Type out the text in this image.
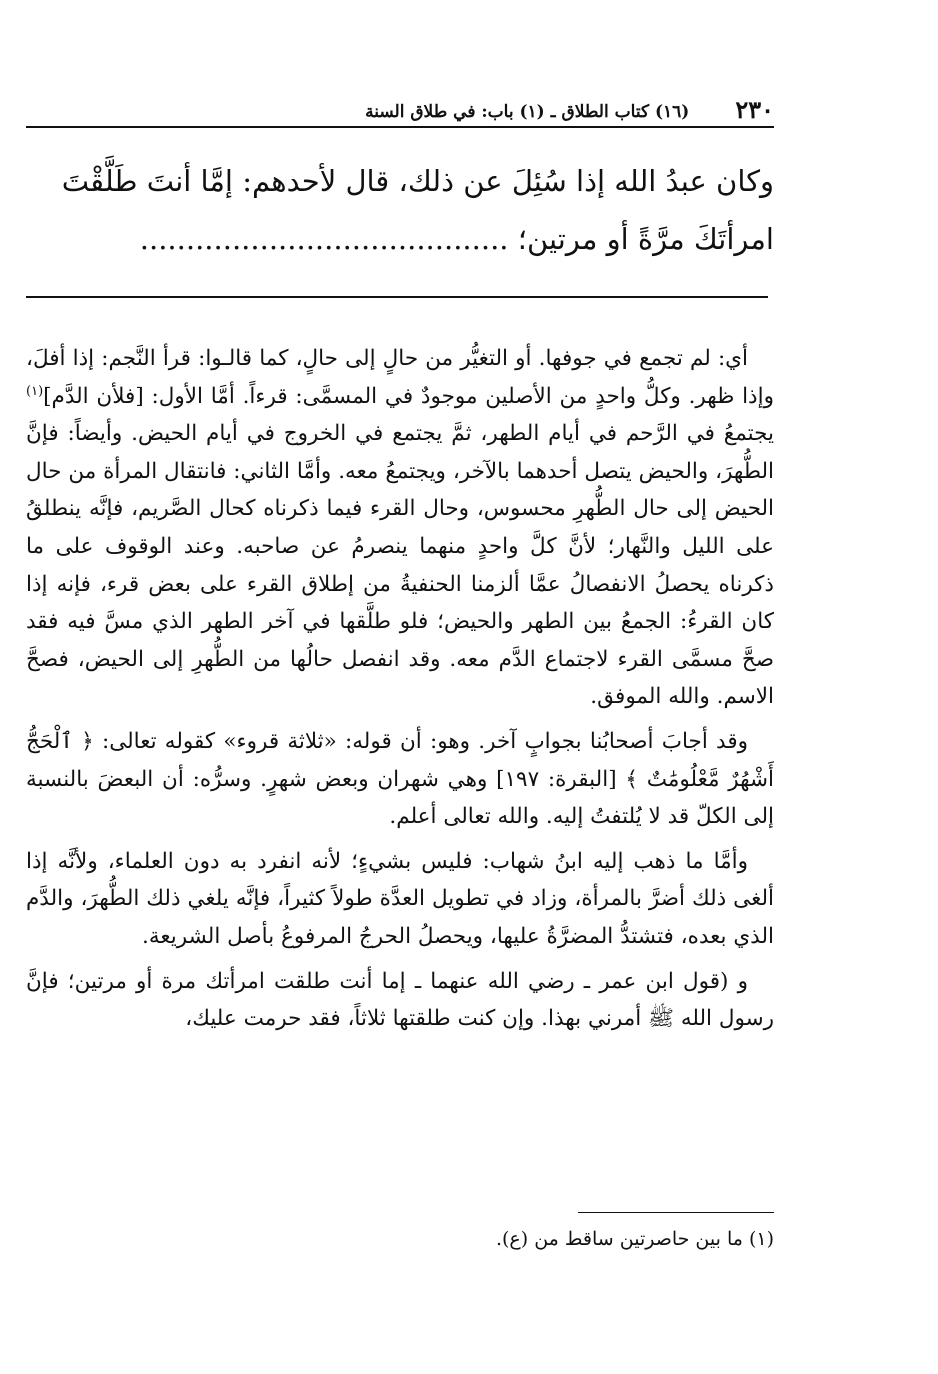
٢٣٠
(١٦) كتاب الطلاق ـ (١) باب: في طلاق السنة

وكان عبدُ الله إذا سُئِلَ عن ذلك، قال لأحدهم: إمَّا أنتَ طَلَّقْتَ

امرأتَكَ مرَّةً أو مرتين؛ ........................................

أي: لم تجمع في جوفها. أو التغيُّر من حالٍ إلى حالٍ، كما قالـوا: قرأ النَّجم: إذا أفلَ، وإذا ظهر. وكلُّ واحدٍ من الأصلين موجودٌ في المسمَّى: قرءاً. أمَّا الأول: [فلأن الدَّم]$^{(١)}$ يجتمعُ في الرَّحم في أيام الطهر، ثمَّ يجتمع في الخروج في أيام الحيض. وأيضاً: فإنَّ الطُّهرَ، والحيض يتصل أحدهما بالآخر، ويجتمعُ معه. وأمَّا الثاني: فانتقال المرأة من حال الحيض إلى حال الطُّهرِ محسوس، وحال القرء فيما ذكرناه كحال الصَّريم، فإنَّه ينطلقُ على الليل والنَّهار؛ لأنَّ كلَّ واحدٍ منهما ينصرمُ عن صاحبه. وعند الوقوف على ما ذكرناه يحصلُ الانفصالُ عمَّا ألزمنا الحنفيةُ من إطلاق القرء على بعض قرء، فإنه إذا كان القرءُ: الجمعُ بين الطهر والحيض؛ فلو طلَّقها في آخر الطهر الذي مسَّ فيه فقد صحَّ مسمَّى القرء لاجتماع الدَّم معه. وقد انفصل حالُها من الطُّهرِ إلى الحيض، فصحَّ الاسم. والله الموفق.

وقد أجابَ أصحابُنا بجوابٍ آخر. وهو: أن قوله: «ثلاثة قروء» كقوله تعالى: ﴿ ٱلْحَجُّ أَشْهُرٌ مَّعْلُومَٰتٌ ﴾ [البقرة: ١٩٧] وهي شهران وبعض شهرٍ. وسرُّه: أن البعضَ بالنسبة إلى الكلّ قد لا يُلتفتُ إليه. والله تعالى أعلم.

وأمَّا ما ذهب إليه ابنُ شهاب: فليس بشيءٍ؛ لأنه انفرد به دون العلماء، ولأنَّه إذا ألغى ذلك أضرَّ بالمرأة، وزاد في تطويل العدَّة طولاً كثيراً، فإنَّه يلغي ذلك الطُّهرَ، والدَّم الذي بعده، فتشتدُّ المضرَّةُ عليها، ويحصلُ الحرجُ المرفوعُ بأصل الشريعة.

و (قول ابن عمر ـ رضي الله عنهما ـ إما أنت طلقت امرأتك مرة أو مرتين؛ فإنَّ رسول الله ﷺ أمرني بهذا. وإن كنت طلقتها ثلاثاً، فقد حرمت عليك،

(١) ما بين حاصرتين ساقط من (ع).
